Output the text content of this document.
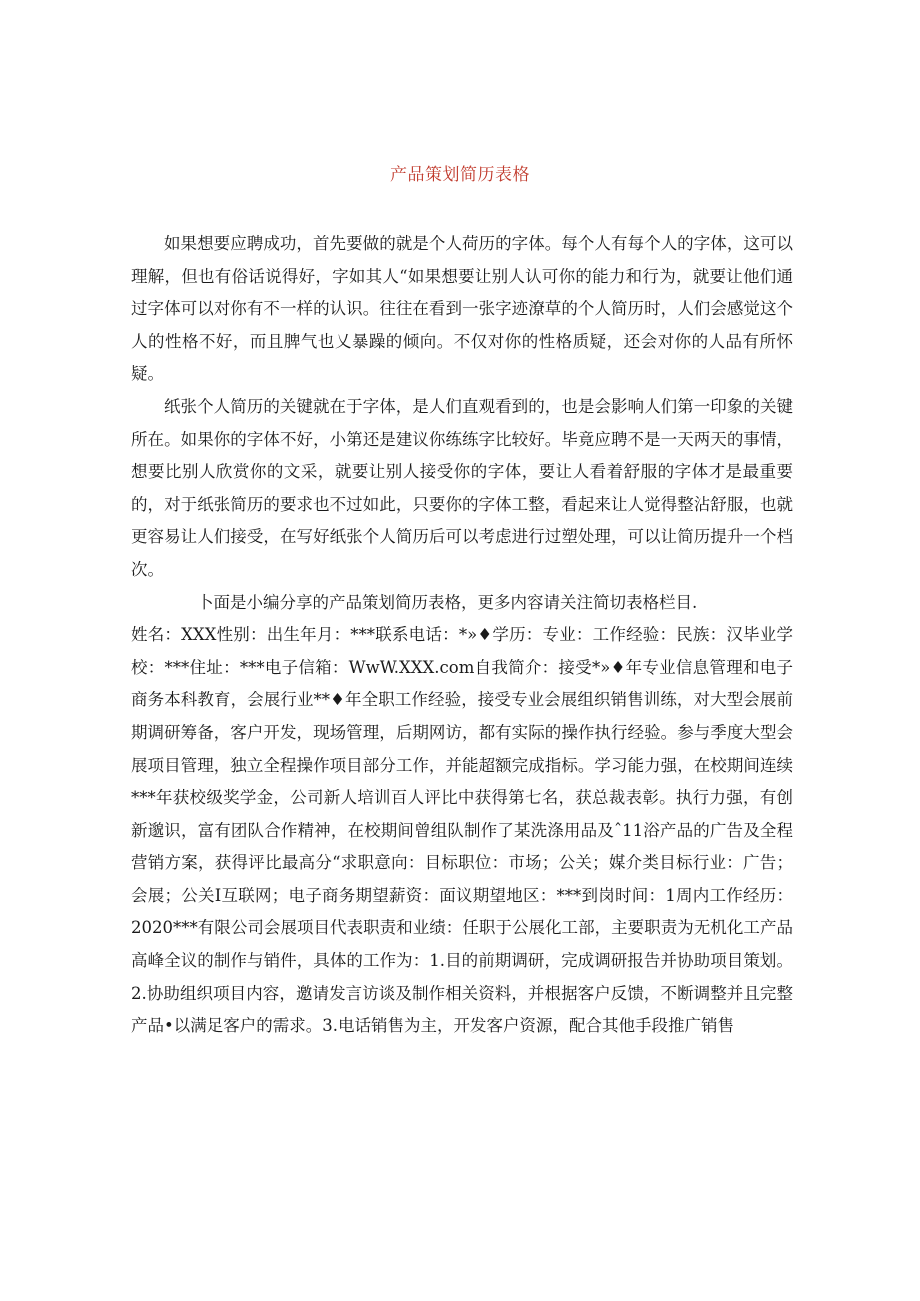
产品策划简历表格

如果想要应聘成功，首先要做的就是个人荷历的字体。每个人有每个人的字体，这可以理解，但也有俗话说得好，字如其人“如果想要让别人认可你的能力和行为，就要让他们通过字体可以对你有不一样的认识。往往在看到一张字迹潦草的个人简历时，人们会感觉这个人的性格不好，而且脾气也乂暴躁的倾向。不仅对你的性格质疑，还会对你的人品有所怀疑。

纸张个人简历的关键就在于字体，是人们直观看到的，也是会影响人们第一印象的关键所在。如果你的字体不好，小第还是建议你练练字比较好。毕竟应聘不是一天两天的事情，想要比别人欣赏你的文采，就要让别人接受你的字体，要让人看着舒服的字体才是最重要的，对于纸张简历的要求也不过如此，只要你的字体工整，看起来让人觉得整沾舒服，也就更容易让人们接受，在写好纸张个人简历后可以考虑进行过塑处理，可以让简历提升一个档次。

卜面是小编分享的产品策划简历表格，更多内容请关注简切表格栏目.

姓名：XXX性别：出生年月：***联系电话：*»♦学历：专业：工作经验：民族：汉毕业学校：***住址：***电子信箱：WwW.XXX.com自我简介：接受*»♦年专业信息管理和电子商务本科教育，会展行业**♦年全职工作经验，接受专业会展组织销售训练，对大型会展前期调研筹备，客户开发，现场管理，后期网访，都有实际的操作执行经验。参与季度大型会展项目管理，独立全程操作项目部分工作，并能超额完成指标。学习能力强，在校期间连续***年获校级奖学金，公司新人培训百人评比中获得第七名，获总裁表彰。执行力强，有创新邈识，富有团队合作精神，在校期间曾组队制作了某洗涤用品及ˆ11浴产品的广告及全程营销方案，获得评比最高分“求职意向：目标职位：市场；公关；媒介类目标行业：广告；会展；公关I互联网；电子商务期望薪资：面议期望地区：***到岗时间：1周内工作经历：2020***有限公司会展项目代表职责和业绩：任职于公展化工部，主要职责为无机化工产品高峰全议的制作与销件，具体的工作为：1.目的前期调研，完成调研报告并协助项目策划。2.协助组织项目内容，邀请发言访谈及制作相关资料，并根据客户反馈，不断调整并且完整产品•以满足客户的需求。3.电话销售为主，开发客户资源，配合其他手段推广销售
